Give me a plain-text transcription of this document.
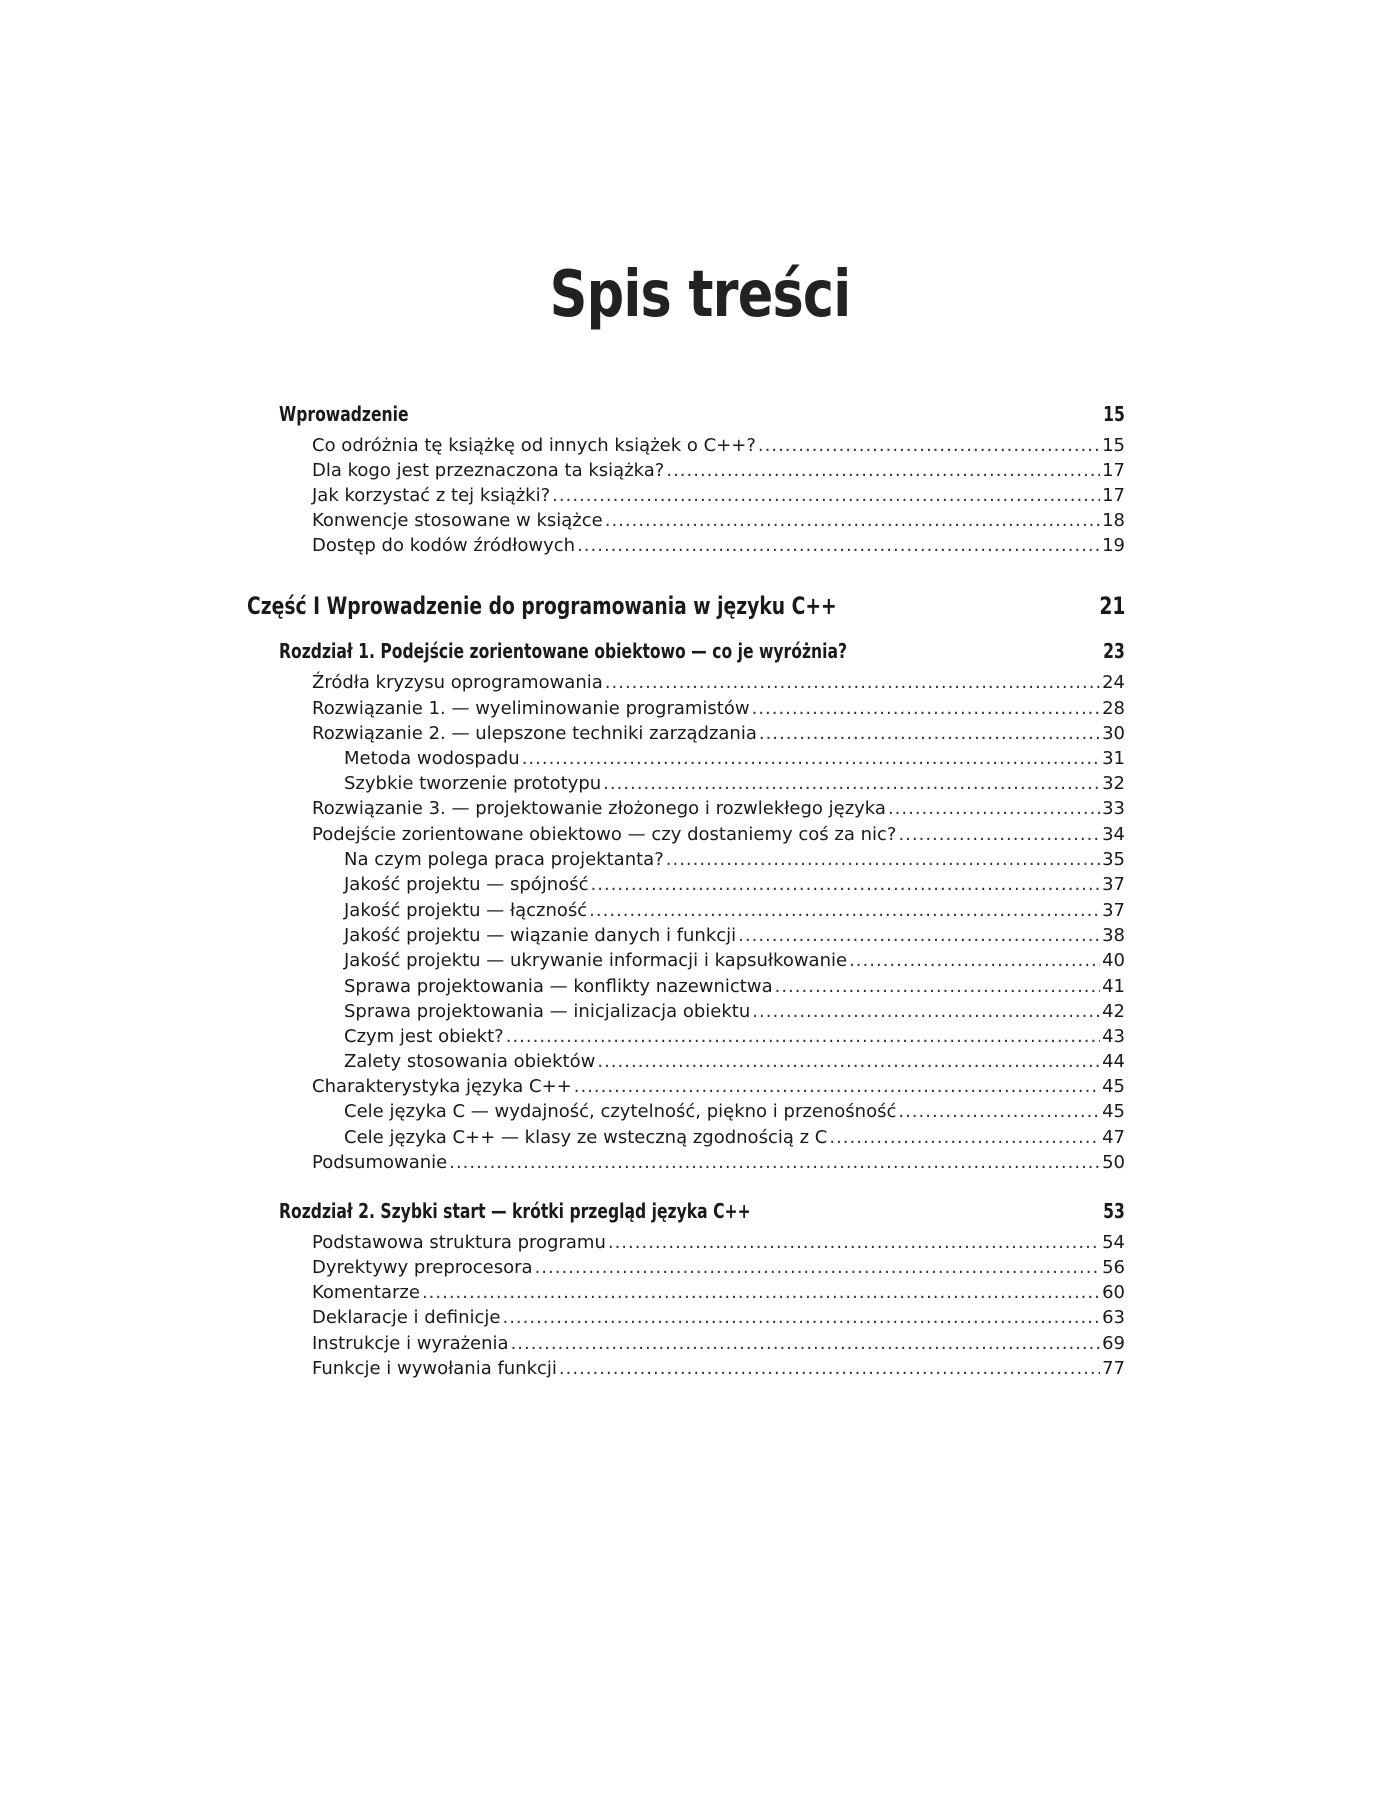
Spis treści
Wprowadzenie	15
Co odróżnia tę książkę od innych książek o C++? .....	15
Dla kogo jest przeznaczona ta książka? .....	17
Jak korzystać z tej książki? .....	17
Konwencje stosowane w książce .....	18
Dostęp do kodów źródłowych .....	19
Część I Wprowadzenie do programowania w języku C++	21
Rozdział 1. Podejście zorientowane obiektowo — co je wyróżnia?	23
Źródła kryzysu oprogramowania .....	24
Rozwiązanie 1. — wyeliminowanie programistów .....	28
Rozwiązanie 2. — ulepszone techniki zarządzania .....	30
Metoda wodospadu .....	31
Szybkie tworzenie prototypu .....	32
Rozwiązanie 3. — projektowanie złożonego i rozwlekłego języka .....	33
Podejście zorientowane obiektowo — czy dostaniemy coś za nic? .....	34
Na czym polega praca projektanta? .....	35
Jakość projektu — spójność .....	37
Jakość projektu — łączność .....	37
Jakość projektu — wiązanie danych i funkcji .....	38
Jakość projektu — ukrywanie informacji i kapsułkowanie .....	40
Sprawa projektowania — konflikty nazewnictwa .....	41
Sprawa projektowania — inicjalizacja obiektu .....	42
Czym jest obiekt? .....	43
Zalety stosowania obiektów .....	44
Charakterystyka języka C++ .....	45
Cele języka C — wydajność, czytelność, piękno i przenośność .....	45
Cele języka C++ — klasy ze wsteczną zgodnością z C .....	47
Podsumowanie .....	50
Rozdział 2. Szybki start — krótki przegląd języka C++	53
Podstawowa struktura programu .....	54
Dyrektywy preprocesora .....	56
Komentarze .....	60
Deklaracje i definicje .....	63
Instrukcje i wyrażenia .....	69
Funkcje i wywołania funkcji .....	77
